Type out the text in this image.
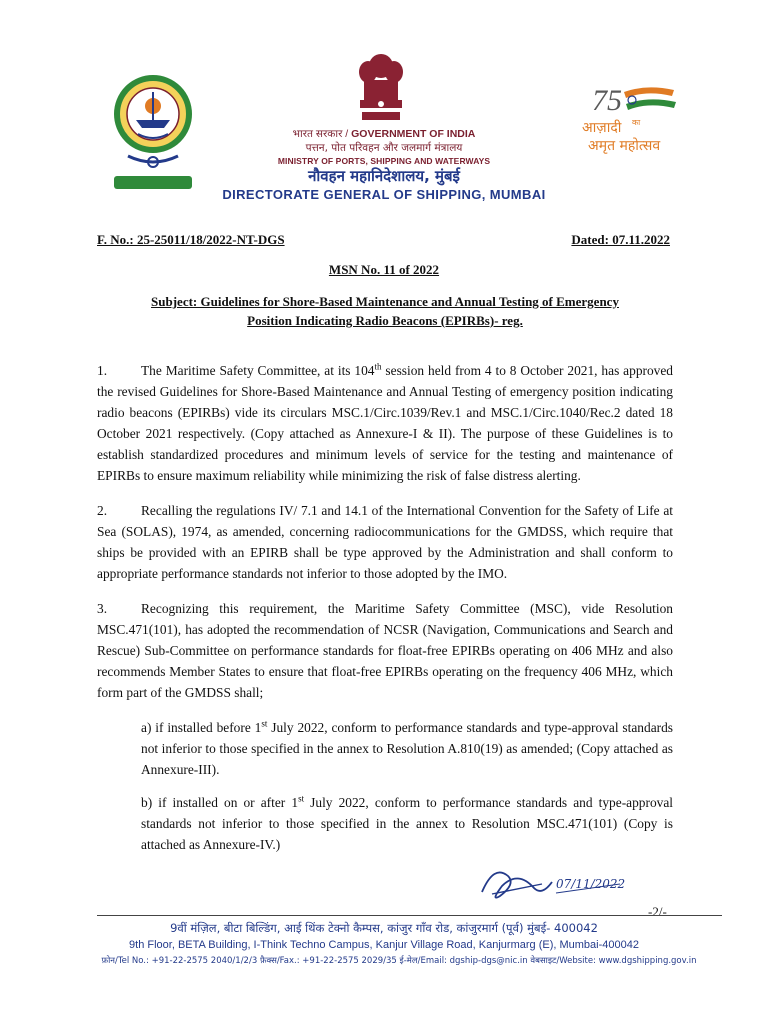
75
आज़ादी का
अमृत महोत्सव
भारत सरकार / GOVERNMENT OF INDIA
पत्तन, पोत परिवहन और जलमार्ग मंत्रालय
MINISTRY OF PORTS, SHIPPING AND WATERWAYS
नौवहन महानिदेशालय, मुंबई
DIRECTORATE GENERAL OF SHIPPING, MUMBAI
F. No.: 25-25011/18/2022-NT-DGS	Dated: 07.11.2022
MSN No. 11 of 2022
Subject: Guidelines for Shore-Based Maintenance and Annual Testing of Emergency
Position Indicating Radio Beacons (EPIRBs)- reg.

1.	The Maritime Safety Committee, at its 104th session held from 4 to 8 October 2021, has approved the revised Guidelines for Shore-Based Maintenance and Annual Testing of emergency position indicating radio beacons (EPIRBs) vide its circulars MSC.1/Circ.1039/Rev.1 and MSC.1/Circ.1040/Rec.2 dated 18 October 2021 respectively. (Copy attached as Annexure-I & II). The purpose of these Guidelines is to establish standardized procedures and minimum levels of service for the testing and maintenance of EPIRBs to ensure maximum reliability while minimizing the risk of false distress alerting.

2.	Recalling the regulations IV/ 7.1 and 14.1 of the International Convention for the Safety of Life at Sea (SOLAS), 1974, as amended, concerning radiocommunications for the GMDSS, which require that ships be provided with an EPIRB shall be type approved by the Administration and shall conform to appropriate performance standards not inferior to those adopted by the IMO.

3.	Recognizing this requirement, the Maritime Safety Committee (MSC), vide Resolution MSC.471(101), has adopted the recommendation of NCSR (Navigation, Communications and Search and Rescue) Sub-Committee on performance standards for float-free EPIRBs operating on 406 MHz and also recommends Member States to ensure that float-free EPIRBs operating on the frequency 406 MHz, which form part of the GMDSS shall;

a) if installed before 1st July 2022, conform to performance standards and type-approval standards not inferior to those specified in the annex to Resolution A.810(19) as amended; (Copy attached as Annexure-III).

b) if installed on or after 1st July 2022, conform to performance standards and type-approval standards not inferior to those specified in the annex to Resolution MSC.471(101) (Copy is attached as Annexure-IV.)

07/11/2022
-2/-
9वीं मंज़िल, बीटा बिल्डिंग, आई थिंक टेक्नो कैम्पस, कांजुर गाँव रोड, कांजुरमार्ग (पूर्व) मुंबई- 400042
9th Floor, BETA Building, I-Think Techno Campus, Kanjur Village Road, Kanjurmarg (E), Mumbai-400042
फ़ोन/Tel No.: +91-22-2575 2040/1/2/3 फ़ैक्स/Fax.: +91-22-2575 2029/35 ई-मेल/Email: dgship-dgs@nic.in वेबसाइट/Website: www.dgshipping.gov.in
